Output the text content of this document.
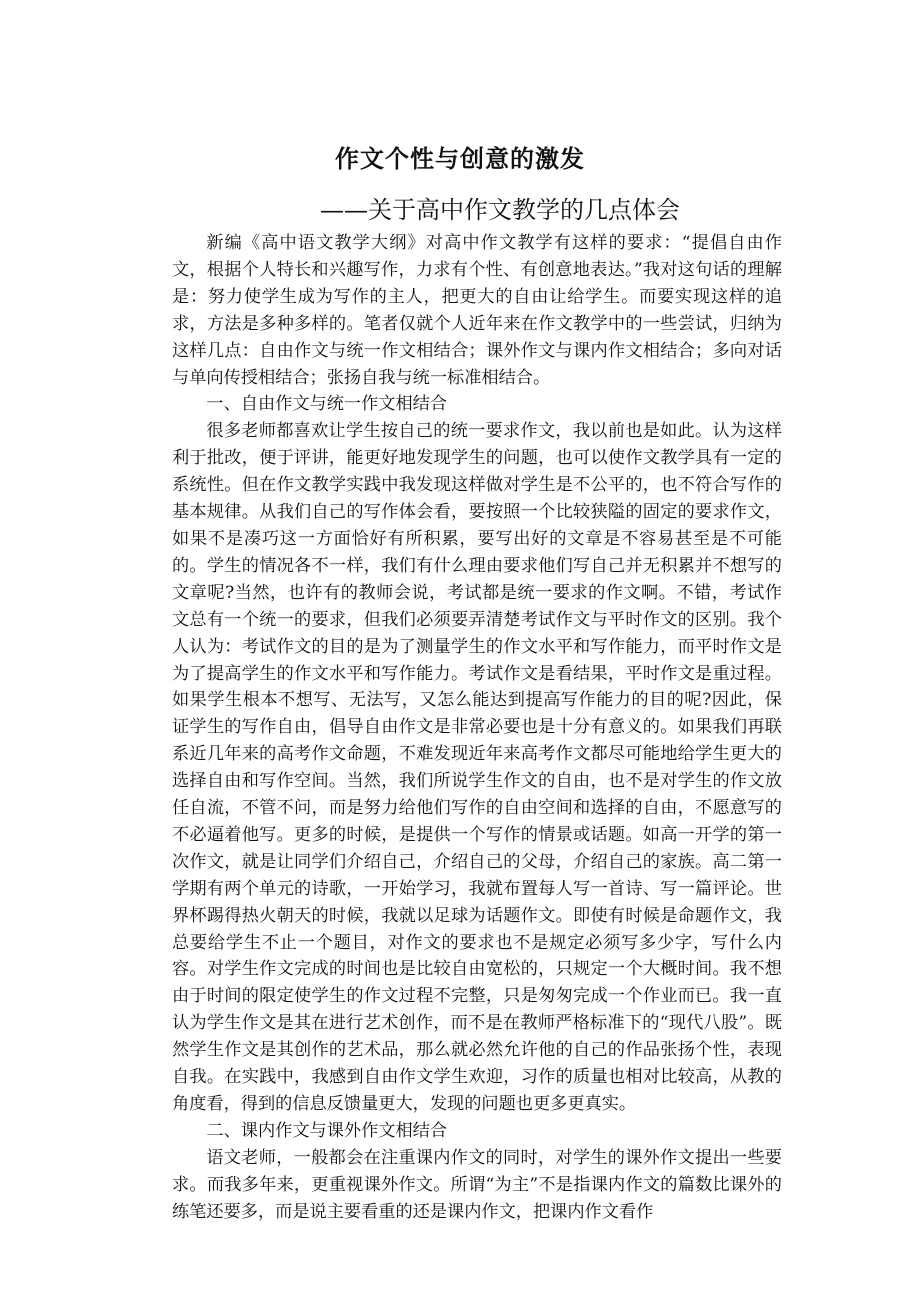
作文个性与创意的激发
——关于高中作文教学的几点体会

新编《高中语文教学大纲》对高中作文教学有这样的要求：“提倡自由作文，根据个人特长和兴趣写作，力求有个性、有创意地表达。”我对这句话的理解是：努力使学生成为写作的主人，把更大的自由让给学生。而要实现这样的追求，方法是多种多样的。笔者仅就个人近年来在作文教学中的一些尝试，归纳为这样几点：自由作文与统一作文相结合；课外作文与课内作文相结合；多向对话与单向传授相结合；张扬自我与统一标准相结合。

一、自由作文与统一作文相结合

很多老师都喜欢让学生按自己的统一要求作文，我以前也是如此。认为这样利于批改，便于评讲，能更好地发现学生的问题，也可以使作文教学具有一定的系统性。但在作文教学实践中我发现这样做对学生是不公平的，也不符合写作的基本规律。从我们自己的写作体会看，要按照一个比较狭隘的固定的要求作文，如果不是凑巧这一方面恰好有所积累，要写出好的文章是不容易甚至是不可能的。学生的情况各不一样，我们有什么理由要求他们写自己并无积累并不想写的文章呢?当然，也许有的教师会说，考试都是统一要求的作文啊。不错，考试作文总有一个统一的要求，但我们必须要弄清楚考试作文与平时作文的区别。我个人认为：考试作文的目的是为了测量学生的作文水平和写作能力，而平时作文是为了提高学生的作文水平和写作能力。考试作文是看结果，平时作文是重过程。如果学生根本不想写、无法写，又怎么能达到提高写作能力的目的呢?因此，保证学生的写作自由，倡导自由作文是非常必要也是十分有意义的。如果我们再联系近几年来的高考作文命题，不难发现近年来高考作文都尽可能地给学生更大的选择自由和写作空间。当然，我们所说学生作文的自由，也不是对学生的作文放任自流，不管不问，而是努力给他们写作的自由空间和选择的自由，不愿意写的不必逼着他写。更多的时候，是提供一个写作的情景或话题。如高一开学的第一次作文，就是让同学们介绍自己，介绍自己的父母，介绍自己的家族。高二第一学期有两个单元的诗歌，一开始学习，我就布置每人写一首诗、写一篇评论。世界杯踢得热火朝天的时候，我就以足球为话题作文。即使有时候是命题作文，我总要给学生不止一个题目，对作文的要求也不是规定必须写多少字，写什么内容。对学生作文完成的时间也是比较自由宽松的，只规定一个大概时间。我不想由于时间的限定使学生的作文过程不完整，只是匆匆完成一个作业而已。我一直认为学生作文是其在进行艺术创作，而不是在教师严格标准下的“现代八股”。既然学生作文是其创作的艺术品，那么就必然允许他的自己的作品张扬个性，表现自我。在实践中，我感到自由作文学生欢迎，习作的质量也相对比较高，从教的角度看，得到的信息反馈量更大，发现的问题也更多更真实。

二、课内作文与课外作文相结合

语文老师，一般都会在注重课内作文的同时，对学生的课外作文提出一些要求。而我多年来，更重视课外作文。所谓“为主”不是指课内作文的篇数比课外的练笔还要多，而是说主要看重的还是课内作文，把课内作文看作
